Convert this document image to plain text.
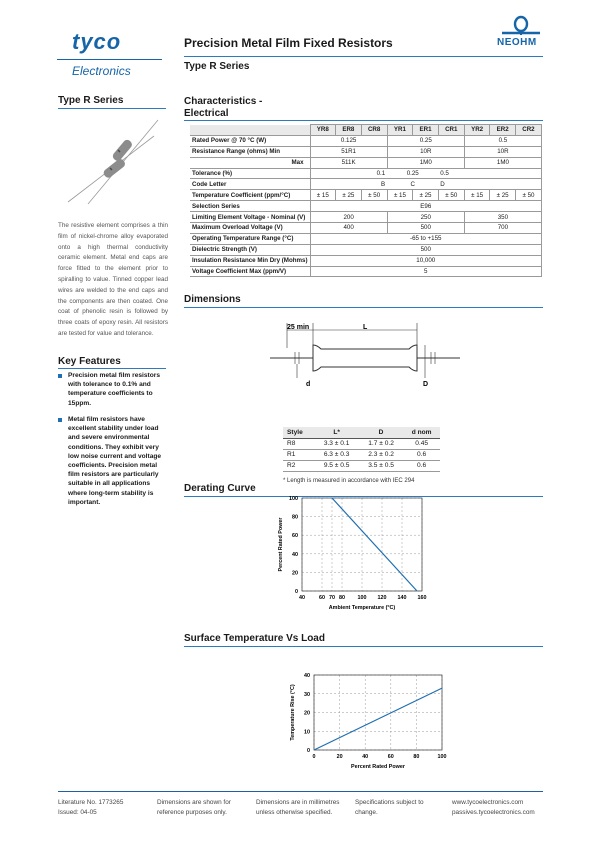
tyco
Electronics
Precision Metal Film Fixed Resistors
Type R Series
NEOHM
Type R Series
The resistive element comprises a thin film of nickel-chrome alloy evaporated onto a high thermal conductivity ceramic element. Metal end caps are force fitted to the element prior to spiralling to value. Tinned copper lead wires are welded to the end caps and the components are then coated. One coat of phenolic resin is followed by three coats of epoxy resin. All resistors are tested for value and tolerance.
Key Features
Precision metal film resistors with tolerance to 0.1% and temperature coefficients to 15ppm.
Metal film resistors have excellent stability under load and severe environmental conditions. They exhibit very low noise current and voltage coefficients. Precision metal film resistors are particularly suitable in all applications where long-term stability is important.
Characteristics -
Electrical
	YR8	ER8	CR8	YR1	ER1	CR1	YR2	ER2	CR2
Rated Power @ 70 °C (W)	0.125			0.25			0.5		
Resistance Range (ohms) Min	51R1			10R			10R		
Max	511K			1M0			1M0		
Tolerance (%)	0.1			0.25		0.5			
Code Letter	B			C		D			
Temperature Coefficient (ppm/°C)	± 15	± 25	± 50	± 15	± 25	± 50	± 15	± 25	± 50
Selection Series	E96								
Limiting Element Voltage - Nominal (V)	200			250			350		
Maximum Overload Voltage (V)	400			500			700		
Operating Temperature Range (°C)	-65 to +155								
Dielectric Strength (V)	500								
Insulation Resistance Min Dry (Mohms)	10,000								
Voltage Coefficient Max (ppm/V)	5								
Dimensions
25 min	L
d	D
Style	L*	D	d nom
R8	3.3 ± 0.1	1.7 ± 0.2	0.45
R1	6.3 ± 0.3	2.3 ± 0.2	0.6
R2	9.5 ± 0.5	3.5 ± 0.5	0.6
* Length is measured in accordance with IEC 294
Derating Curve
40	60 70 80 100 120 140 160
0
20
40
60
80
100
Ambient Temperature (°C)
Percent Rated Power
Surface Temperature Vs Load
0	20	40	60	80	100
0
10
20
30
40
Percent Rated Power
Temperature Rise (°C)
Literature No. 1773265
Issued: 04-05
Dimensions are shown for
reference purposes only.
Dimensions are in millimetres
unless otherwise specified.
Specifications subject to
change.
www.tycoelectronics.com
passives.tycoelectronics.com
